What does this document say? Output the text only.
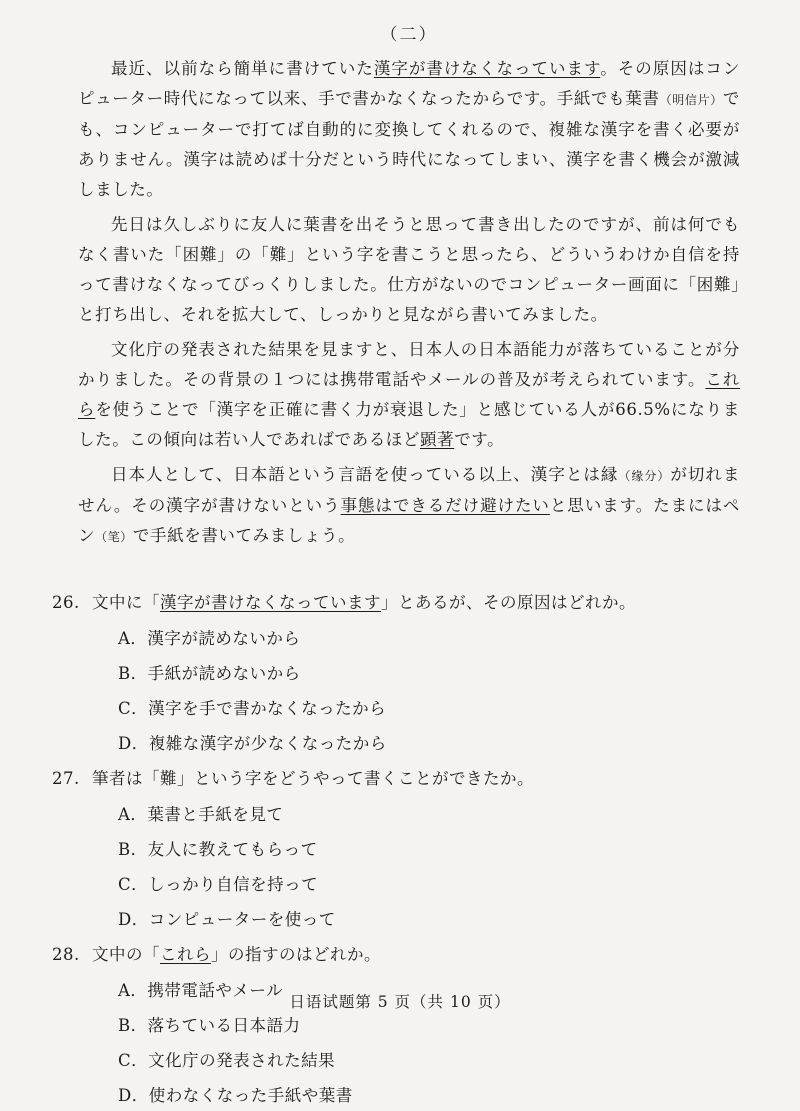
（二）

最近、以前なら簡単に書けていた漢字が書けなくなっています。その原因はコンピューター時代になって以来、手で書かなくなったからです。手紙でも葉書（明信片）でも、コンピューターで打てば自動的に変換してくれるので、複雑な漢字を書く必要がありません。漢字は読めば十分だという時代になってしまい、漢字を書く機会が激減しました。

先日は久しぶりに友人に葉書を出そうと思って書き出したのですが、前は何でもなく書いた「困難」の「難」という字を書こうと思ったら、どういうわけか自信を持って書けなくなってびっくりしました。仕方がないのでコンピューター画面に「困難」と打ち出し、それを拡大して、しっかりと見ながら書いてみました。

文化庁の発表された結果を見ますと、日本人の日本語能力が落ちていることが分かりました。その背景の１つには携帯電話やメールの普及が考えられています。これらを使うことで「漢字を正確に書く力が衰退した」と感じている人が66.5%になりました。この傾向は若い人であればであるほど顕著です。

日本人として、日本語という言語を使っている以上、漢字とは縁（缘分）が切れません。その漢字が書けないという事態はできるだけ避けたいと思います。たまにはペン（笔）で手紙を書いてみましょう。

26. 文中に「漢字が書けなくなっています」とあるが、その原因はどれか。
A．漢字が読めないから
B．手紙が読めないから
C．漢字を手で書かなくなったから
D．複雑な漢字が少なくなったから
27. 筆者は「難」という字をどうやって書くことができたか。
A．葉書と手紙を見て
B．友人に教えてもらって
C．しっかり自信を持って
D．コンピューターを使って
28. 文中の「これら」の指すのはどれか。
A．携帯電話やメール
B．落ちている日本語力
C．文化庁の発表された結果
D．使わなくなった手紙や葉書
日语试题第 5 页（共 10 页）
